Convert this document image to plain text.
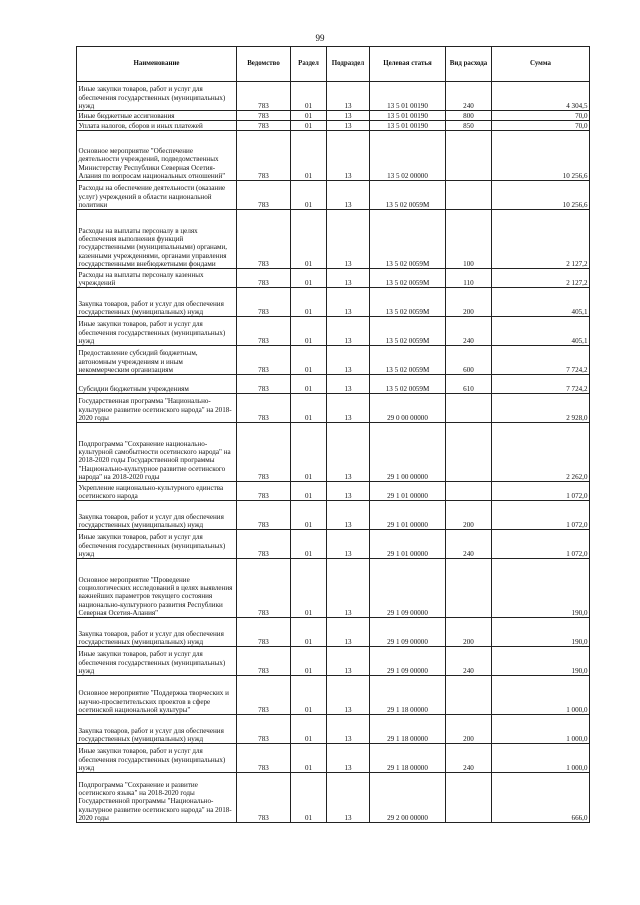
99
Наименование	Ведомство	Раздел	Подраздел	Целевая статья	Вид расхода	Сумма
Иные закупки товаров, работ и услуг для обеспечения государственных (муниципальных) нужд	783	01	13	13 5 01 00190	240	4 304,5
Иные бюджетные ассигнования	783	01	13	13 5 01 00190	800	70,0
Уплата налогов, сборов и иных платежей	783	01	13	13 5 01 00190	850	70,0
Основное мероприятие "Обеспечение деятельности учреждений, подведомственных Министерству Республики Северная Осетия-Алания по вопросам национальных отношений"	783	01	13	13 5 02 00000		10 256,6
Расходы на обеспечение деятельности (оказание услуг) учреждений в области национальной политики	783	01	13	13 5 02 0059М		10 256,6
Расходы на выплаты персоналу в целях обеспечения выполнения функций государственными (муниципальными) органами, казенными учреждениями, органами управления государственными внебюджетными фондами	783	01	13	13 5 02 0059М	100	2 127,2
Расходы на выплаты персоналу казенных учреждений	783	01	13	13 5 02 0059М	110	2 127,2
Закупка товаров, работ и услуг для обеспечения государственных (муниципальных) нужд	783	01	13	13 5 02 0059М	200	405,1
Иные закупки товаров, работ и услуг для обеспечения государственных (муниципальных) нужд	783	01	13	13 5 02 0059М	240	405,1
Предоставление субсидий бюджетным, автономным учреждениям и иным некоммерческим организациям	783	01	13	13 5 02 0059М	600	7 724,2
Субсидии бюджетным учреждениям	783	01	13	13 5 02 0059М	610	7 724,2
Государственная программа "Национально-культурное развитие осетинского народа" на 2018-2020 годы	783	01	13	29 0 00 00000		2 928,0
Подпрограмма "Сохранение национально-культурной самобытности осетинского народа" на 2018-2020 годы Государственной программы "Национально-культурное развитие осетинского народа" на 2018-2020 годы	783	01	13	29 1 00 00000		2 262,0
Укрепление национально-культурного единства осетинского народа	783	01	13	29 1 01 00000		1 072,0
Закупка товаров, работ и услуг для обеспечения государственных (муниципальных) нужд	783	01	13	29 1 01 00000	200	1 072,0
Иные закупки товаров, работ и услуг для обеспечения государственных (муниципальных) нужд	783	01	13	29 1 01 00000	240	1 072,0
Основное мероприятие "Проведение социологических исследований в целях выявления важнейших параметров текущего состояния национально-культурного развития Республики Северная Осетия-Алания"	783	01	13	29 1 09 00000		190,0
Закупка товаров, работ и услуг для обеспечения государственных (муниципальных) нужд	783	01	13	29 1 09 00000	200	190,0
Иные закупки товаров, работ и услуг для обеспечения государственных (муниципальных) нужд	783	01	13	29 1 09 00000	240	190,0
Основное мероприятие "Поддержка творческих и научно-просветительских проектов в сфере осетинской национальной культуры"	783	01	13	29 1 18 00000		1 000,0
Закупка товаров, работ и услуг для обеспечения государственных (муниципальных) нужд	783	01	13	29 1 18 00000	200	1 000,0
Иные закупки товаров, работ и услуг для обеспечения государственных (муниципальных) нужд	783	01	13	29 1 18 00000	240	1 000,0
Подпрограмма "Сохранение и развитие осетинского языка" на 2018-2020 годы Государственной программы "Национально-культурное развитие осетинского народа" на 2018-2020 годы	783	01	13	29 2 00 00000		666,0
